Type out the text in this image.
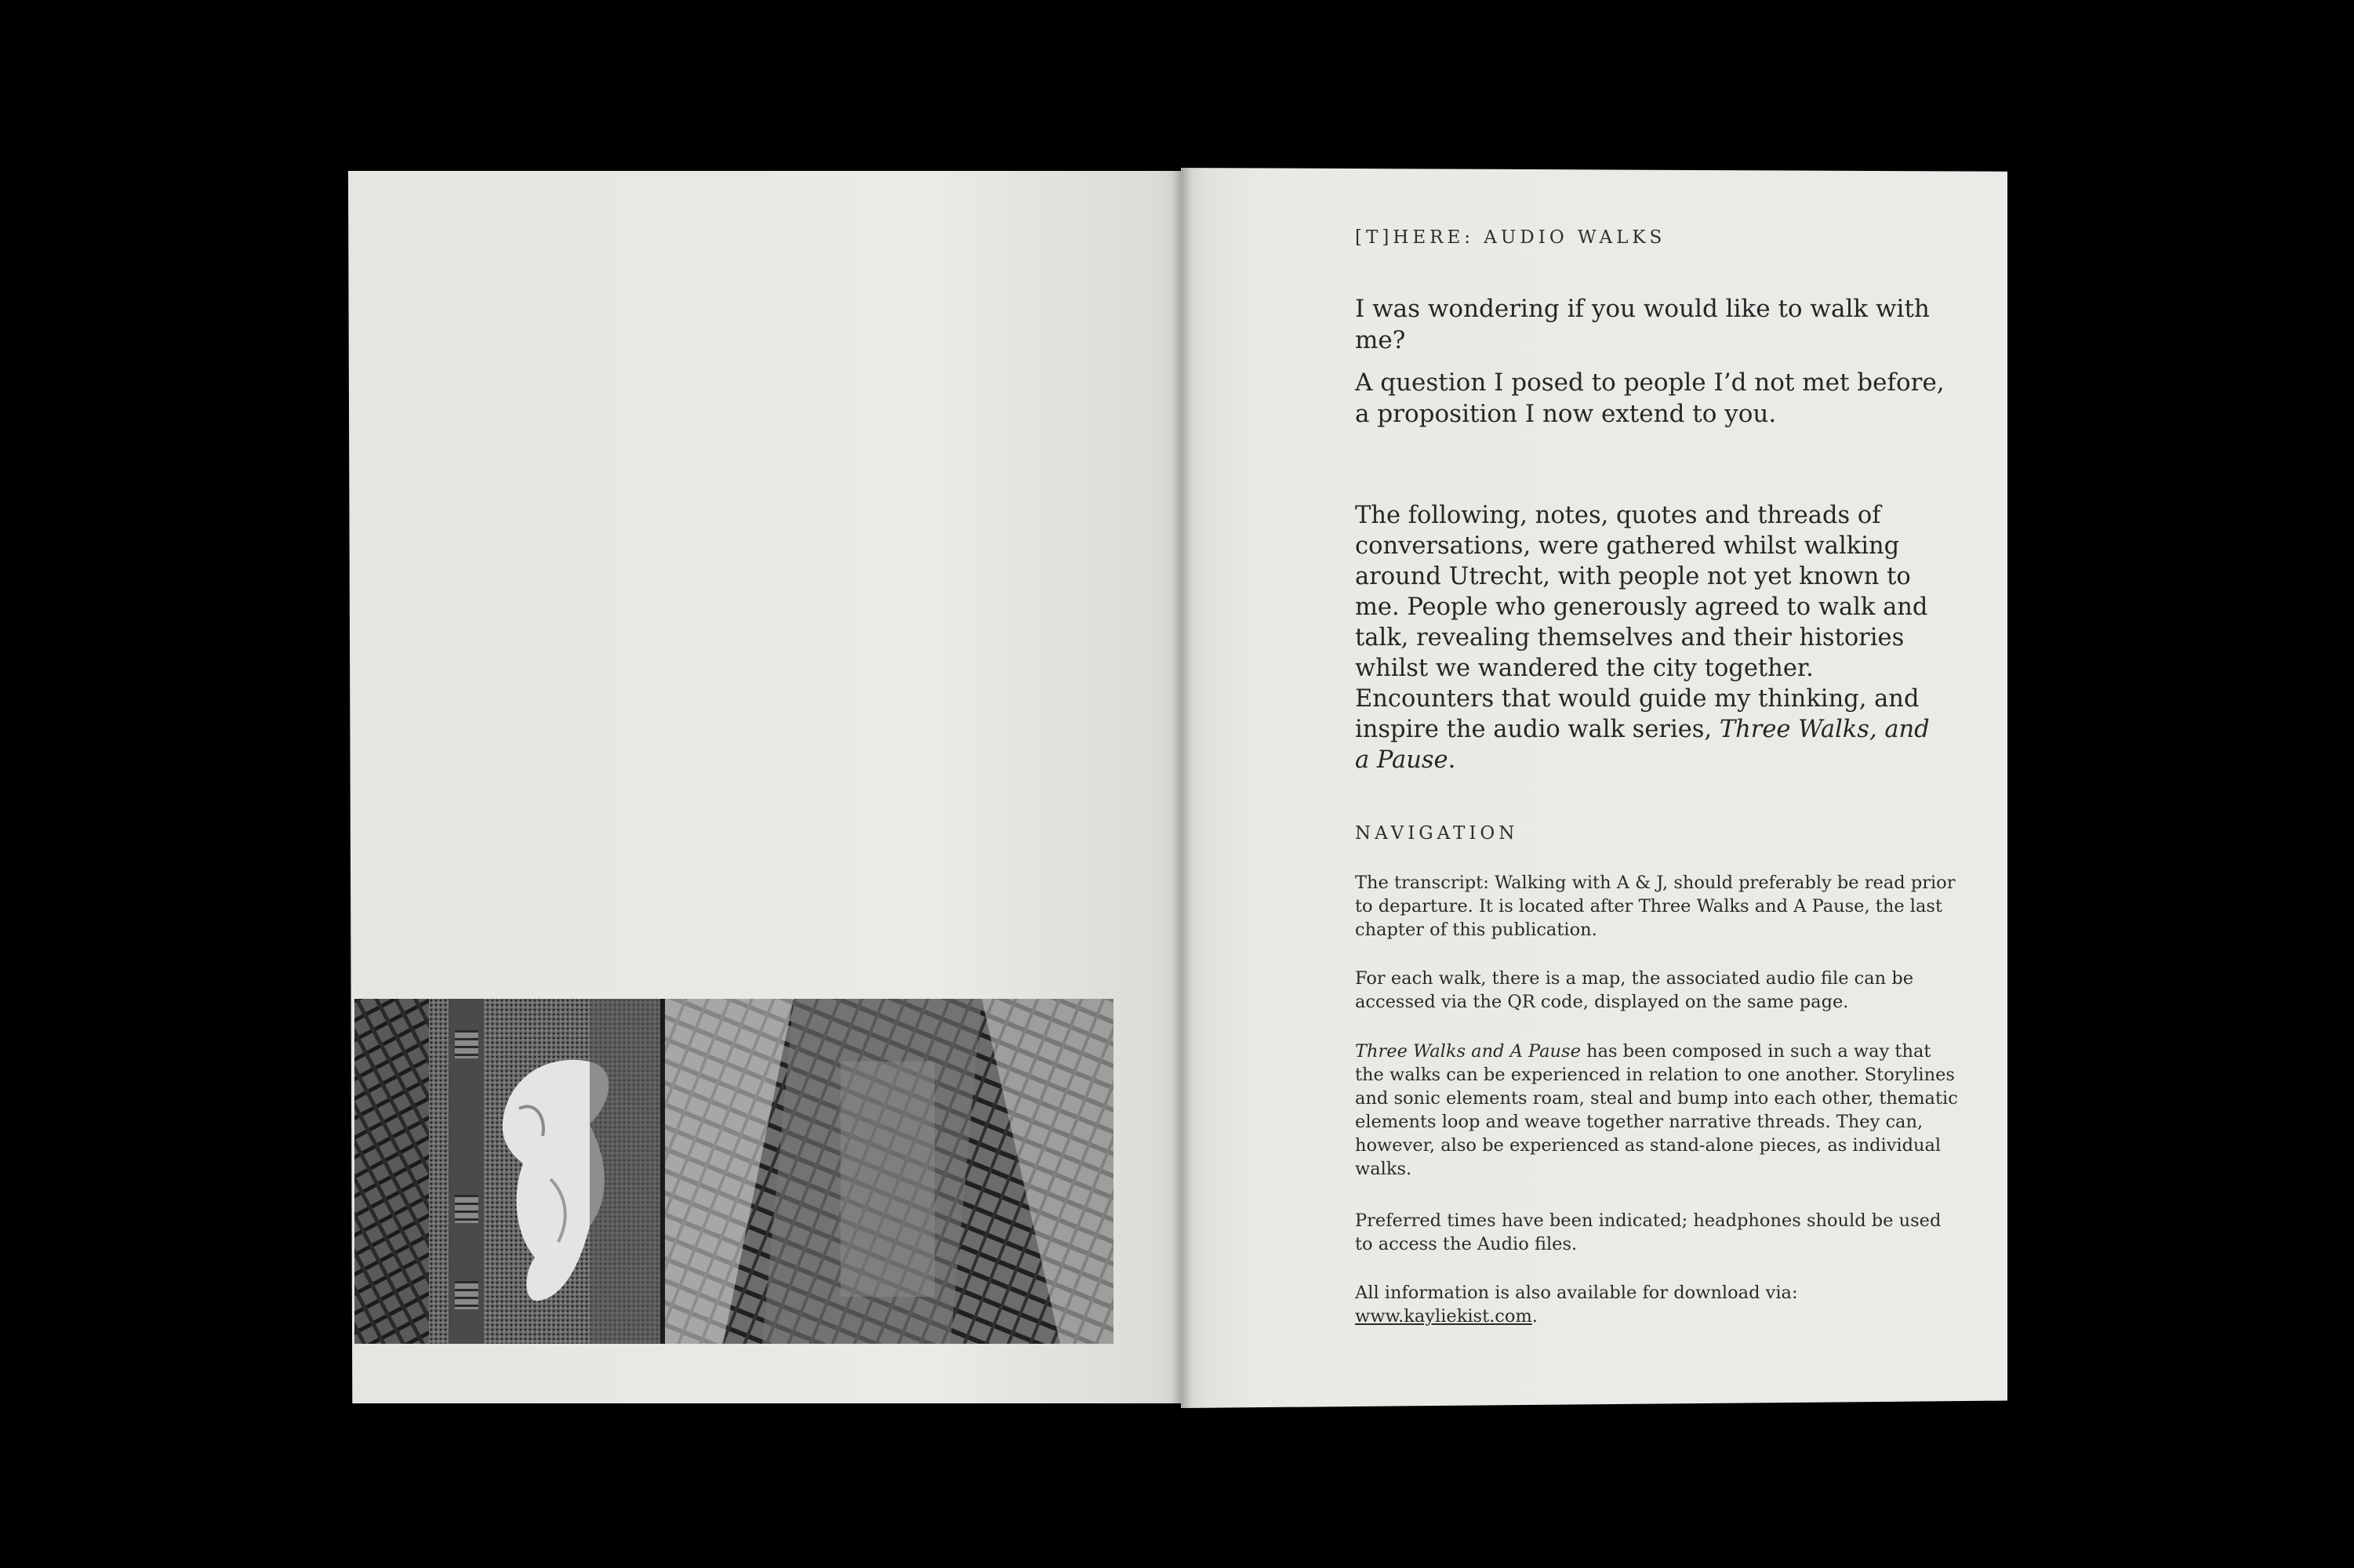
[T]HERE: AUDIO WALKS
I was wondering if you would like to walk with me?
A question I posed to people I’d not met before,
a proposition I now extend to you.
The following, notes, quotes and threads of conversations, were gathered whilst walking around Utrecht, with people not yet known to me. People who generously agreed to walk and talk, revealing themselves and their histories whilst we wandered the city together. Encounters that would guide my thinking, and inspire the audio walk series, Three Walks, and a Pause.
NAVIGATION
The transcript: Walking with A & J, should preferably be read prior to departure. It is located after Three Walks and A Pause, the last chapter of this publication.
For each walk, there is a map, the associated audio file can be accessed via the QR code, displayed on the same page.
Three Walks and A Pause has been composed in such a way that the walks can be experienced in relation to one another. Storylines and sonic elements roam, steal and bump into each other, thematic elements loop and weave together narrative threads. They can, however, also be experienced as stand-alone pieces, as individual walks.
Preferred times have been indicated; headphones should be used to access the Audio files.
All information is also available for download via:
www.kayliekist.com.
